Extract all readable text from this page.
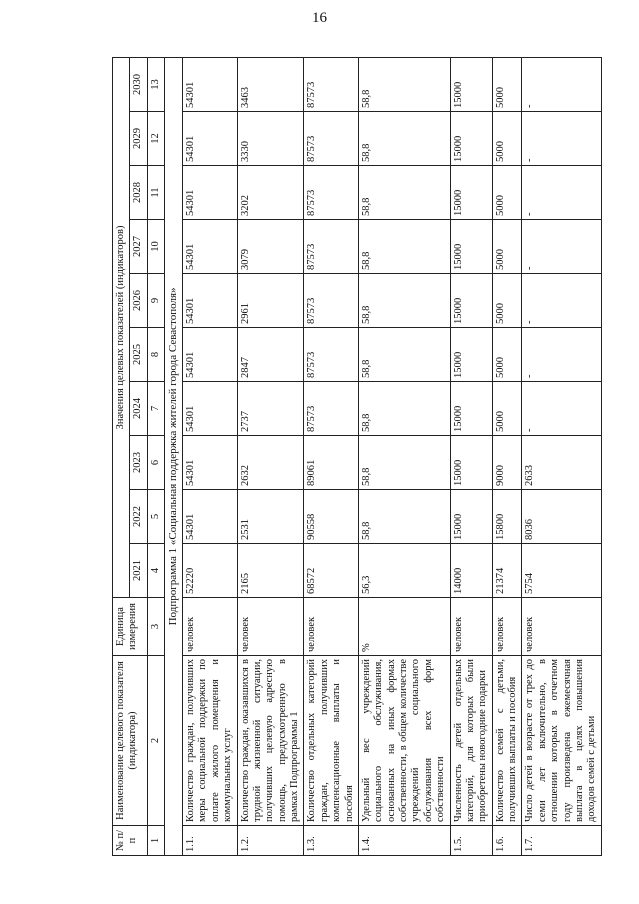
16
№ п/п	Наименование целевого показателя (индикатора)	Единица измерения	Значения целевых показателей (индикаторов)									
			2021	2022	2023	2024	2025	2026	2027	2028	2029	2030
1	2	3	4	5	6	7	8	9	10	11	12	13
Подпрограмма 1 «Социальная поддержка жителей города Севастополя»												
1.1.	Количество граждан, получивших меры социальной поддержки по оплате жилого помещения и коммунальных услуг	человек	52220	54301	54301	54301	54301	54301	54301	54301	54301	54301
1.2.	Количество граждан, оказавшихся в трудной жизненной ситуации, получивших целевую адресную помощь, предусмотренную в рамках Подпрограммы 1	человек	2165	2531	2632	2737	2847	2961	3079	3202	3330	3463
1.3.	Количество отдельных категорий граждан, получивших компенсационные выплаты и пособия	человек	68572	90558	89061	87573	87573	87573	87573	87573	87573	87573
1.4.	Удельный вес учреждений социального обслуживания, основанных на иных формах собственности, в общем количестве учреждений социального обслуживания всех форм собственности	%	56,3	58,8	58,8	58,8	58,8	58,8	58,8	58,8	58,8	58,8
1.5.	Численность детей отдельных категорий, для которых были приобретены новогодние подарки	человек	14000	15000	15000	15000	15000	15000	15000	15000	15000	15000
1.6.	Количество семей с детьми, получивших выплаты и пособия	человек	21374	15800	9000	5000	5000	5000	5000	5000	5000	5000
1.7.	Число детей в возрасте от трех до семи лет включительно, в отношении которых в отчетном году произведена ежемесячная выплата в целях повышения доходов семей с детьми	человек	5754	8036	2633	-	-	-	-	-	-	-
